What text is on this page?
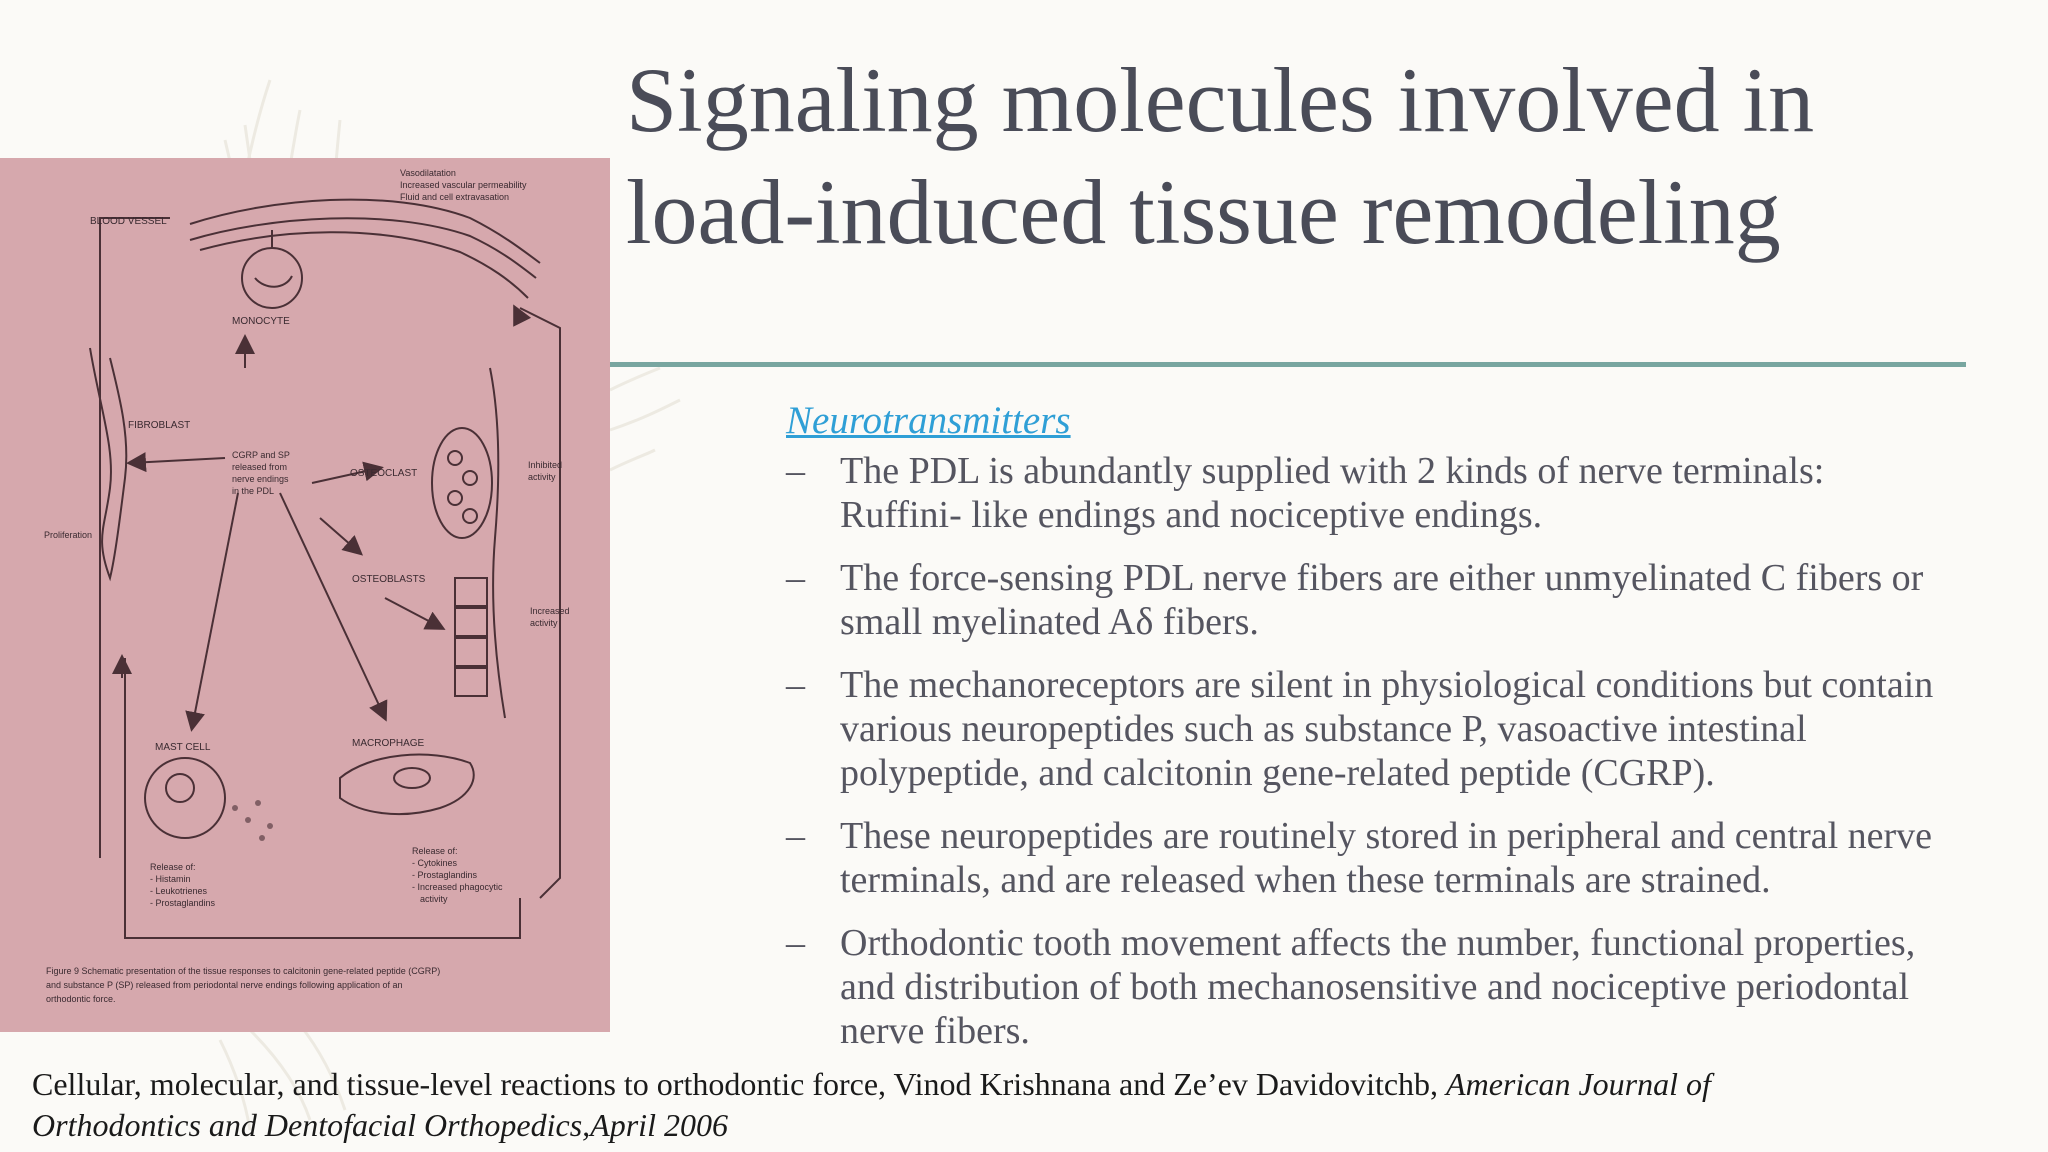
Signaling molecules involved in
load-induced tissue remodeling
Vasodilatation
Increased vascular permeability
Fluid and cell extravasation
BLOOD VESSEL
MONOCYTE
FIBROBLAST
CGRP and SP
released from
nerve endings
in the PDL
OSTEOCLAST
Inhibited
activity
Proliferation
OSTEOBLASTS
Increased
activity
MAST CELL	MACROPHAGE
Release of:
- Histamin
- Leukotrienes
- Prostaglandins
Release of:
- Cytokines
- Prostaglandins
- Increased phagocytic
activity
Figure 9 Schematic presentation of the tissue responses to calcitonin gene-related peptide (CGRP)
and substance P (SP) released from periodontal nerve endings following application of an
orthodontic force.
Neurotransmitters
– The PDL is abundantly supplied with 2 kinds of nerve terminals:
Ruffini- like endings and nociceptive endings.
– The force-sensing PDL nerve fibers are either unmyelinated C fibers or
small myelinated Aδ fibers.
– The mechanoreceptors are silent in physiological conditions but contain
various neuropeptides such as substance P, vasoactive intestinal
polypeptide, and calcitonin gene-related peptide (CGRP).
– These neuropeptides are routinely stored in peripheral and central nerve
terminals, and are released when these terminals are strained.
– Orthodontic tooth movement affects the number, functional properties,
and distribution of both mechanosensitive and nociceptive periodontal
nerve fibers.
Cellular, molecular, and tissue-level reactions to orthodontic force, Vinod Krishnana and Ze’ev Davidovitchb, American Journal of
Orthodontics and Dentofacial Orthopedics,April 2006
